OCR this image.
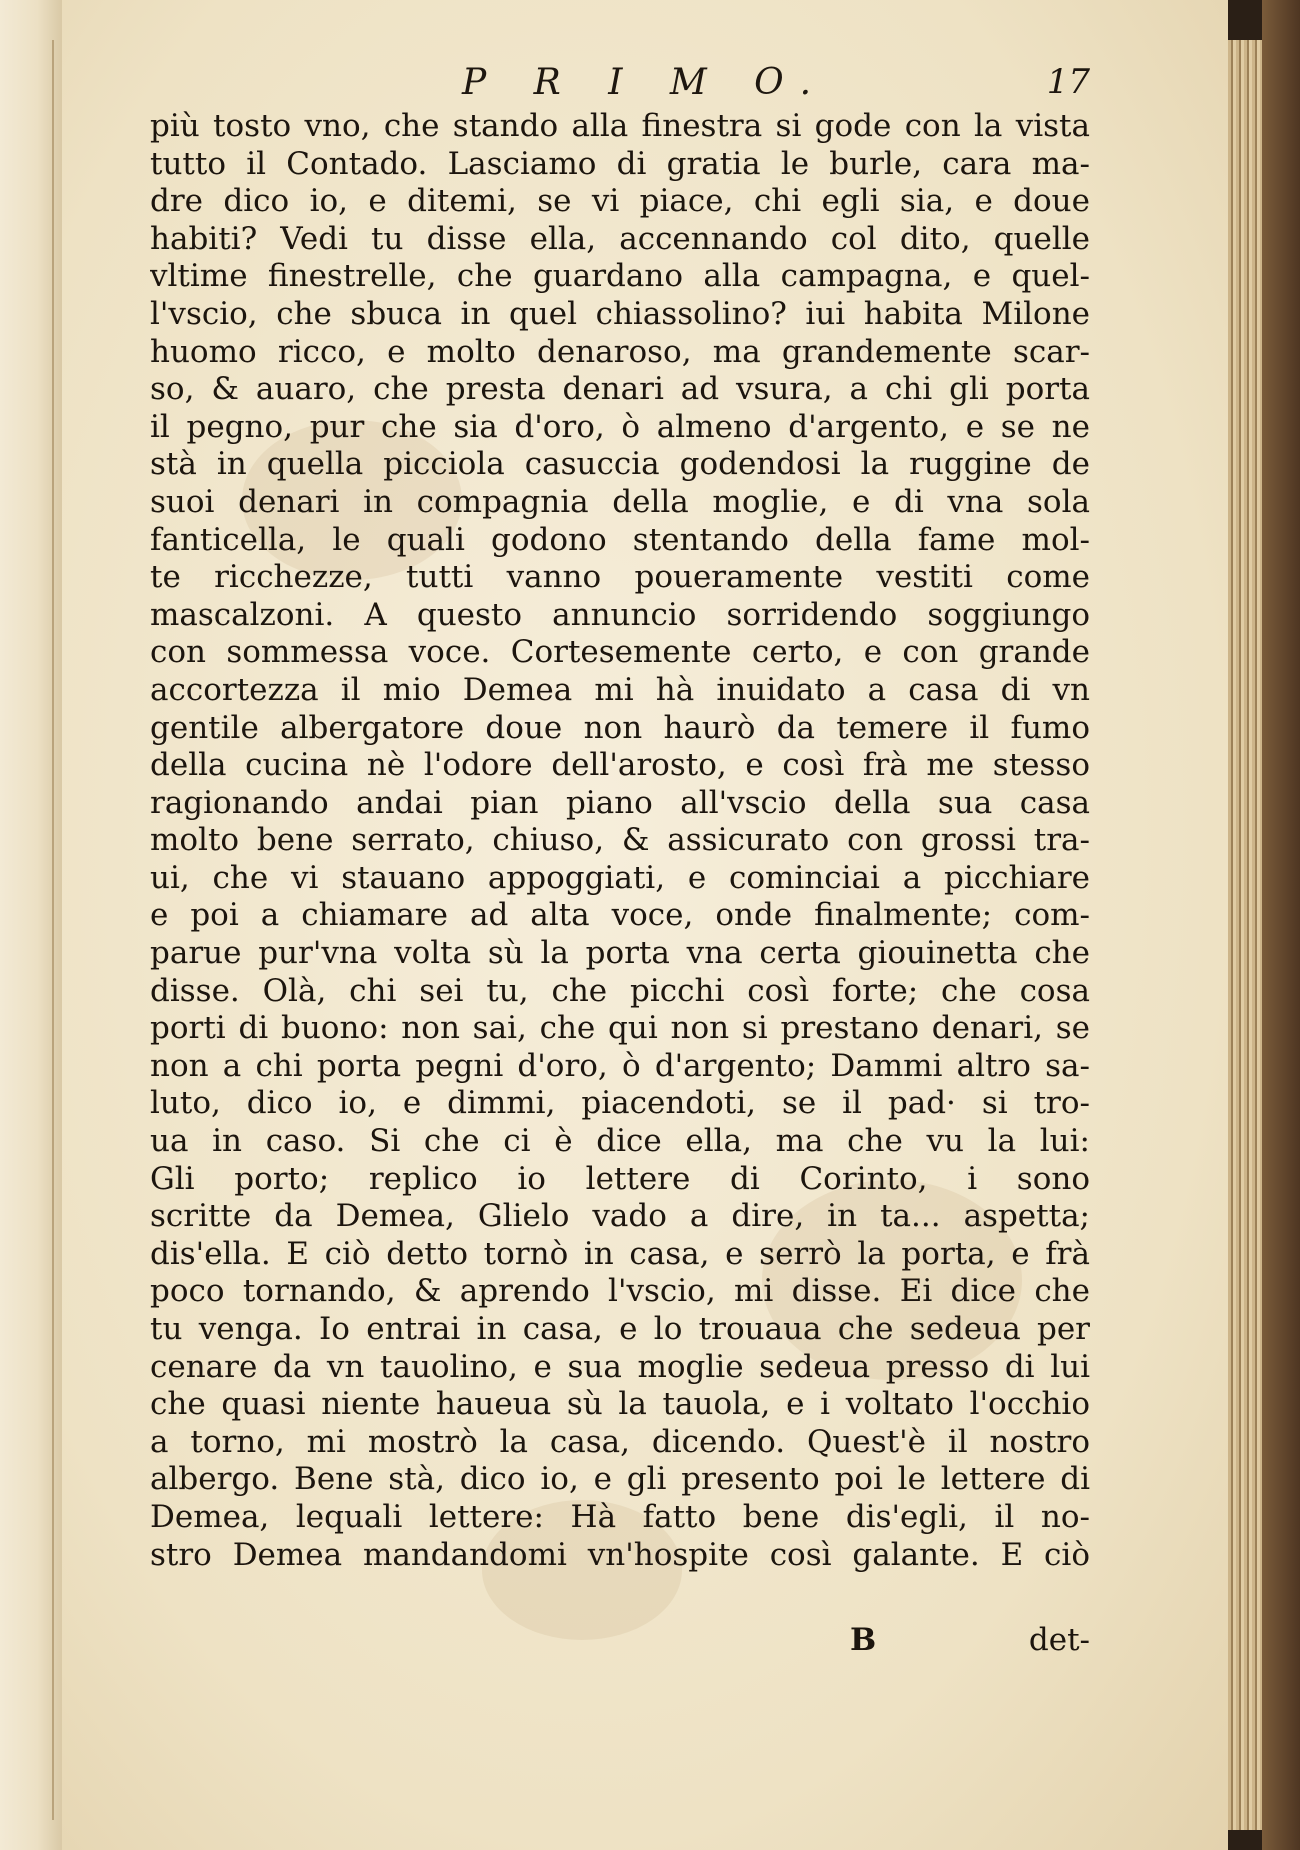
P R I M O.	17
più tosto vno, che stando alla finestra si gode con la vista
tutto il Contado. Lasciamo di gratia le burle, cara ma-
dre dico io, e ditemi, se vi piace, chi egli sia, e doue
habiti? Vedi tu disse ella, accennando col dito, quelle
vltime finestrelle, che guardano alla campagna, e quel-
l'vscio, che sbuca in quel chiassolino? iui habita Milone
huomo ricco, e molto denaroso, ma grandemente scar-
so, & auaro, che presta denari ad vsura, a chi gli porta
il pegno, pur che sia d'oro, ò almeno d'argento, e se ne
stà in quella picciola casuccia godendosi la ruggine de
suoi denari in compagnia della moglie, e di vna sola
fanticella, le quali godono stentando della fame mol-
te ricchezze, tutti vanno poueramente vestiti come
mascalzoni. A questo annuncio sorridendo soggiungo
con sommessa voce. Cortesemente certo, e con grande
accortezza il mio Demea mi hà inuidato a casa di vn
gentile albergatore doue non haurò da temere il fumo
della cucina nè l'odore dell'arosto, e così frà me stesso
ragionando andai pian piano all'vscio della sua casa
molto bene serrato, chiuso, & assicurato con grossi tra-
ui, che vi stauano appoggiati, e cominciai a picchiare
e poi a chiamare ad alta voce, onde finalmente; com-
parue pur'vna volta sù la porta vna certa giouinetta che
disse. Olà, chi sei tu, che picchi così forte; che cosa
porti di buono: non sai, che qui non si prestano denari, se
non a chi porta pegni d'oro, ò d'argento; Dammi altro sa-
luto, dico io, e dimmi, piacendoti, se il pad· si tro-
ua in caso. Si che ci è dice ella, ma che vu la lui:
Gli porto; replico io lettere di Corinto, i sono
scritte da Demea, Glielo vado a dire, in ta... aspetta;
dis'ella. E ciò detto tornò in casa, e serrò la porta, e frà
poco tornando, & aprendo l'vscio, mi disse. Ei dice che
tu venga. Io entrai in casa, e lo trouaua che sedeua per
cenare da vn tauolino, e sua moglie sedeua presso di lui
che quasi niente haueua sù la tauola, e i voltato l'occhio
a torno, mi mostrò la casa, dicendo. Quest'è il nostro
albergo. Bene stà, dico io, e gli presento poi le lettere di
Demea, lequali lettere: Hà fatto bene dis'egli, il no-
stro Demea mandandomi vn'hospite così galante. E ciò
B	det-
